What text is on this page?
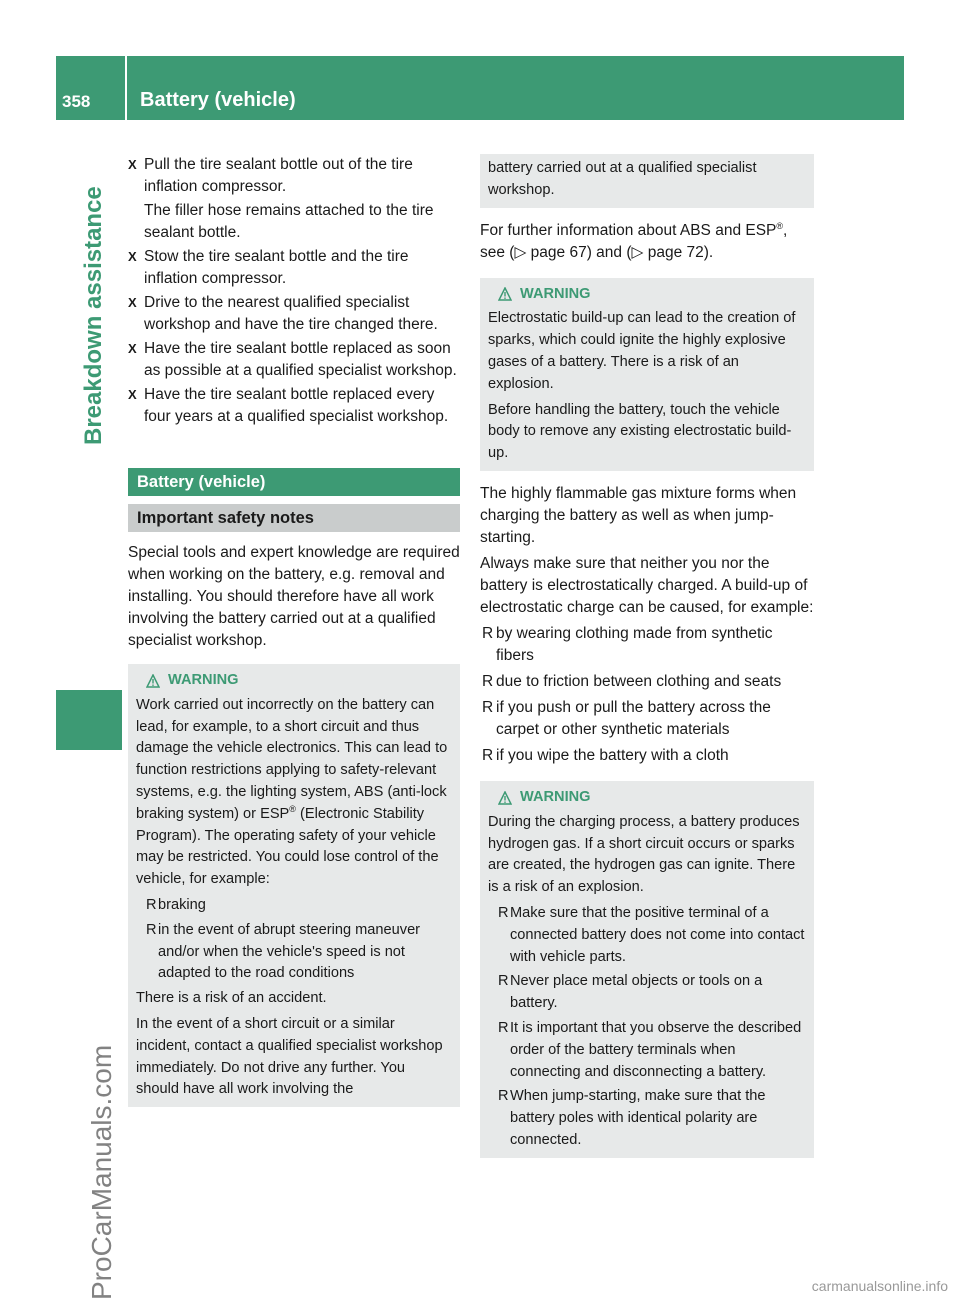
358 Battery (vehicle)
Breakdown assistance
ProCarManuals.com
X Pull the tire sealant bottle out of the tire inflation compressor.
The filler hose remains attached to the tire sealant bottle.
X Stow the tire sealant bottle and the tire inflation compressor.
X Drive to the nearest qualified specialist workshop and have the tire changed there.
X Have the tire sealant bottle replaced as soon as possible at a qualified specialist workshop.
X Have the tire sealant bottle replaced every four years at a qualified specialist workshop.
Battery (vehicle)
Important safety notes

Special tools and expert knowledge are required when working on the battery, e.g. removal and installing. You should therefore have all work involving the battery carried out at a qualified specialist workshop.

WARNING

Work carried out incorrectly on the battery can lead, for example, to a short circuit and thus damage the vehicle electronics. This can lead to function restrictions applying to safety-relevant systems, e.g. the lighting system, ABS (anti-lock braking system) or ESP® (Electronic Stability Program). The operating safety of your vehicle may be restricted. You could lose control of the vehicle, for example:

R braking
R in the event of abrupt steering maneuver and/or when the vehicle's speed is not adapted to the road conditions

There is a risk of an accident.

In the event of a short circuit or a similar incident, contact a qualified specialist workshop immediately. Do not drive any further. You should have all work involving the

battery carried out at a qualified specialist workshop.

For further information about ABS and ESP®, see (▷ page 67) and (▷ page 72).

WARNING

Electrostatic build-up can lead to the creation of sparks, which could ignite the highly explosive gases of a battery. There is a risk of an explosion.

Before handling the battery, touch the vehicle body to remove any existing electrostatic build-up.

The highly flammable gas mixture forms when charging the battery as well as when jump-starting.

Always make sure that neither you nor the battery is electrostatically charged. A build-up of electrostatic charge can be caused, for example:

R by wearing clothing made from synthetic fibers
R due to friction between clothing and seats
R if you push or pull the battery across the carpet or other synthetic materials
R if you wipe the battery with a cloth
WARNING

During the charging process, a battery produces hydrogen gas. If a short circuit occurs or sparks are created, the hydrogen gas can ignite. There is a risk of an explosion.

R Make sure that the positive terminal of a connected battery does not come into contact with vehicle parts.
R Never place metal objects or tools on a battery.
R It is important that you observe the described order of the battery terminals when connecting and disconnecting a battery.
R When jump-starting, make sure that the battery poles with identical polarity are connected.
carmanualsonline.info
